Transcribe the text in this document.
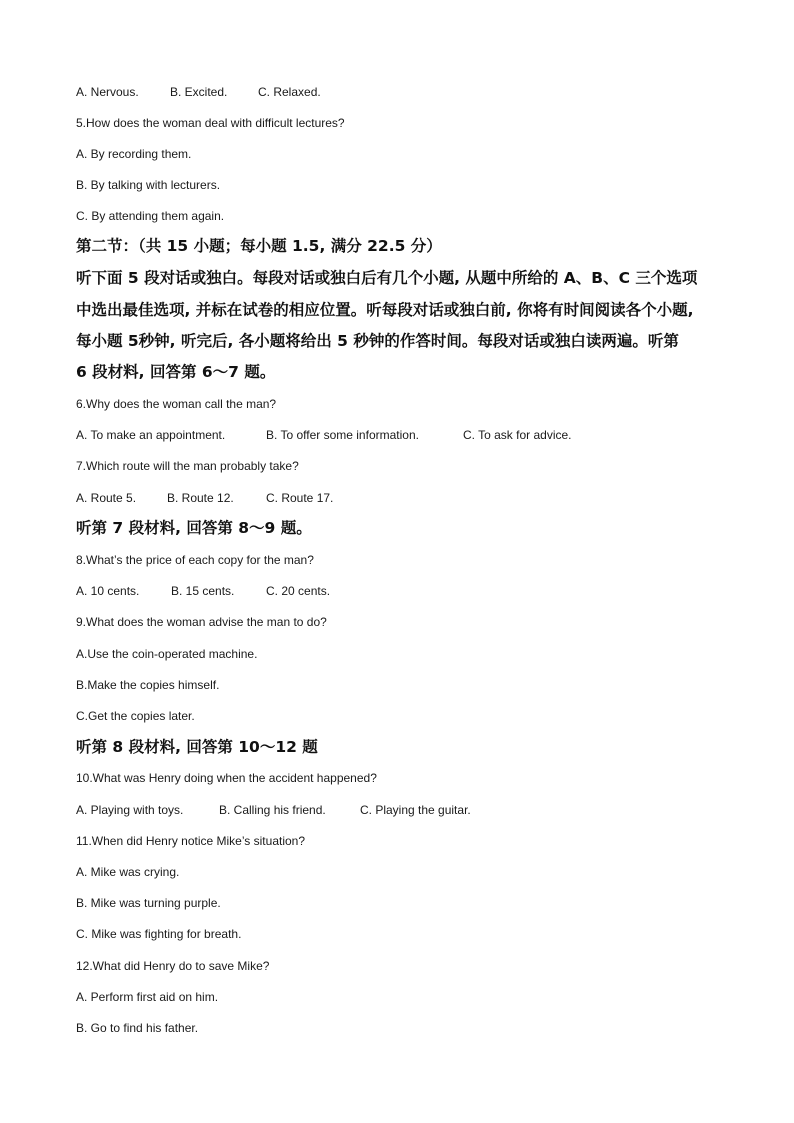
A. Nervous.	B. Excited.	C. Relaxed.
5.How does the woman deal with difficult lectures?
A. By recording them.
B. By talking with lecturers.
C. By attending them again.
第二节：（共 15 小题；每小题 1.5, 满分 22.5 分）
听下面 5 段对话或独白。每段对话或独白后有几个小题, 从题中所给的 A、B、C 三个选项
中选出最佳选项, 并标在试卷的相应位置。听每段对话或独白前, 你将有时间阅读各个小题,
每小题 5秒钟, 听完后, 各小题将给出 5 秒钟的作答时间。每段对话或独白读两遍。听第
6 段材料, 回答第 6～7 题。
6.Why does the woman call the man?
A. To make an appointment.	B. To offer some information.	C. To ask for advice.
7.Which route will the man probably take?
A. Route 5.	B. Route 12.	C. Route 17.
听第 7 段材料, 回答第 8～9 题。
8.What’s the price of each copy for the man?
A. 10 cents.	B. 15 cents.	C. 20 cents.
9.What does the woman advise the man to do?
A.Use the coin-operated machine.
B.Make the copies himself.
C.Get the copies later.
听第 8 段材料, 回答第 10～12 题
10.What was Henry doing when the accident happened?
A. Playing with toys.	B. Calling his friend.	C. Playing the guitar.
11.When did Henry notice Mike’s situation?
A. Mike was crying.
B. Mike was turning purple.
C. Mike was fighting for breath.
12.What did Henry do to save Mike?
A. Perform first aid on him.
B. Go to find his father.
